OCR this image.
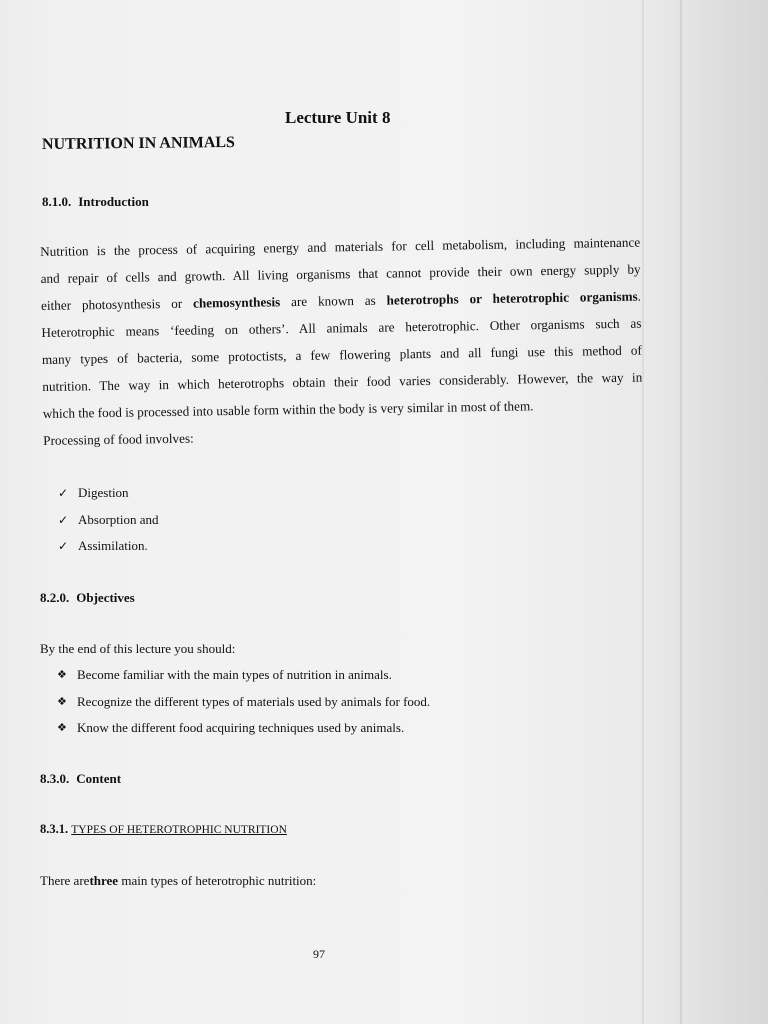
Lecture Unit 8
NUTRITION IN ANIMALS
8.1.0. Introduction
Nutrition is the process of acquiring energy and materials for cell metabolism, including maintenance
and repair of cells and growth. All living organisms that cannot provide their own energy supply by
either photosynthesis or chemosynthesis are known as heterotrophs or heterotrophic organisms.
Heterotrophic means ‘feeding on others’. All animals are heterotrophic. Other organisms such as
many types of bacteria, some protoctists, a few flowering plants and all fungi use this method of
nutrition. The way in which heterotrophs obtain their food varies considerably. However, the way in
which the food is processed into usable form within the body is very similar in most of them.
Processing of food involves:
✓ Digestion
✓ Absorption and
✓ Assimilation.
8.2.0. Objectives
By the end of this lecture you should:
❖ Become familiar with the main types of nutrition in animals.
❖ Recognize the different types of materials used by animals for food.
❖ Know the different food acquiring techniques used by animals.
8.3.0. Content
8.3.1. TYPES OF HETEROTROPHIC NUTRITION
There arethree main types of heterotrophic nutrition:
97
